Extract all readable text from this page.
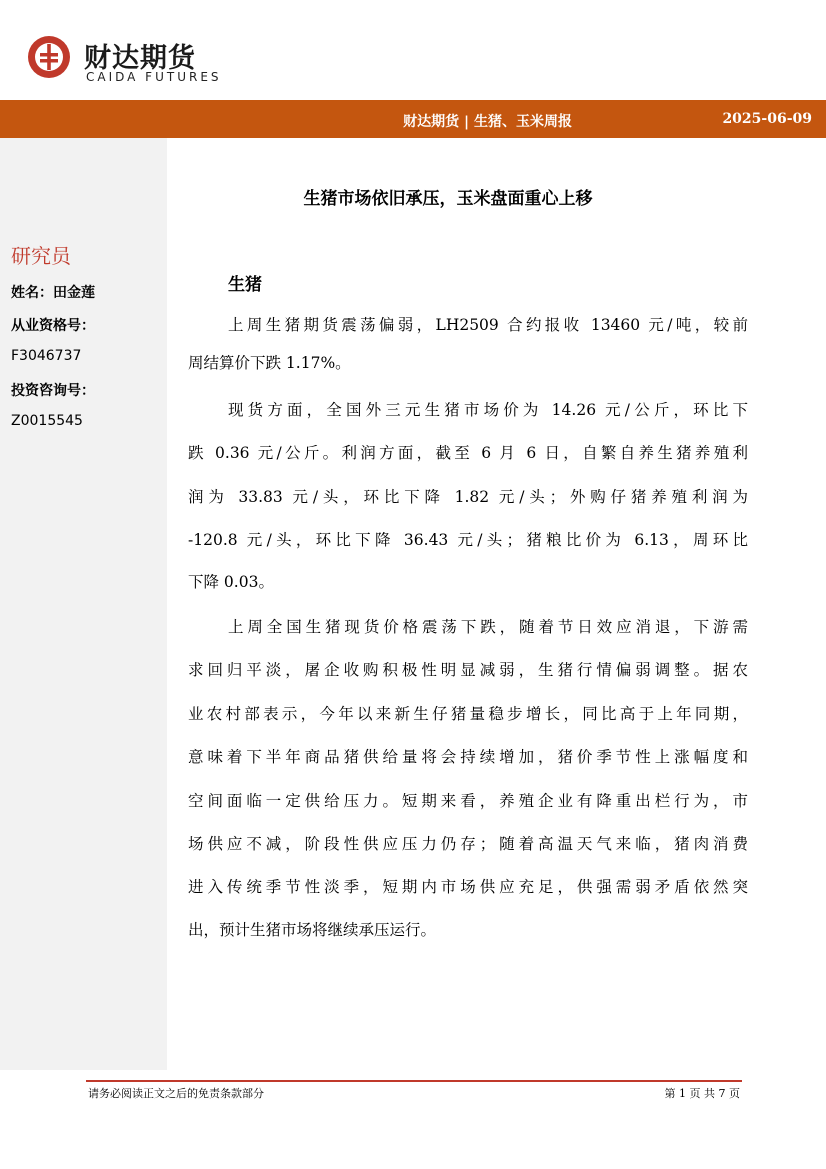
财达期货
CAIDA FUTURES
财达期货 | 生猪、玉米周报	2025-06-09
研究员
姓名：田金莲
从业资格号：
F3046737
投资咨询号：
Z0015545
生猪市场依旧承压，玉米盘面重心上移
生猪
上周生猪期货震荡偏弱，LH2509 合约报收 13460 元/吨，较前
周结算价下跌 1.17%。
现货方面，全国外三元生猪市场价为 14.26 元/公斤，环比下
跌 0.36 元/公斤。利润方面，截至 6 月 6 日，自繁自养生猪养殖利
润为 33.83 元/头，环比下降 1.82 元/头；外购仔猪养殖利润为
-120.8 元/头，环比下降 36.43 元/头；猪粮比价为 6.13，周环比
下降 0.03。
上周全国生猪现货价格震荡下跌，随着节日效应消退，下游需
求回归平淡，屠企收购积极性明显减弱，生猪行情偏弱调整。据农
业农村部表示，今年以来新生仔猪量稳步增长，同比高于上年同期，
意味着下半年商品猪供给量将会持续增加，猪价季节性上涨幅度和
空间面临一定供给压力。短期来看，养殖企业有降重出栏行为，市
场供应不减，阶段性供应压力仍存；随着高温天气来临，猪肉消费
进入传统季节性淡季，短期内市场供应充足，供强需弱矛盾依然突
出，预计生猪市场将继续承压运行。
请务必阅读正文之后的免责条款部分	第 1 页 共 7 页
